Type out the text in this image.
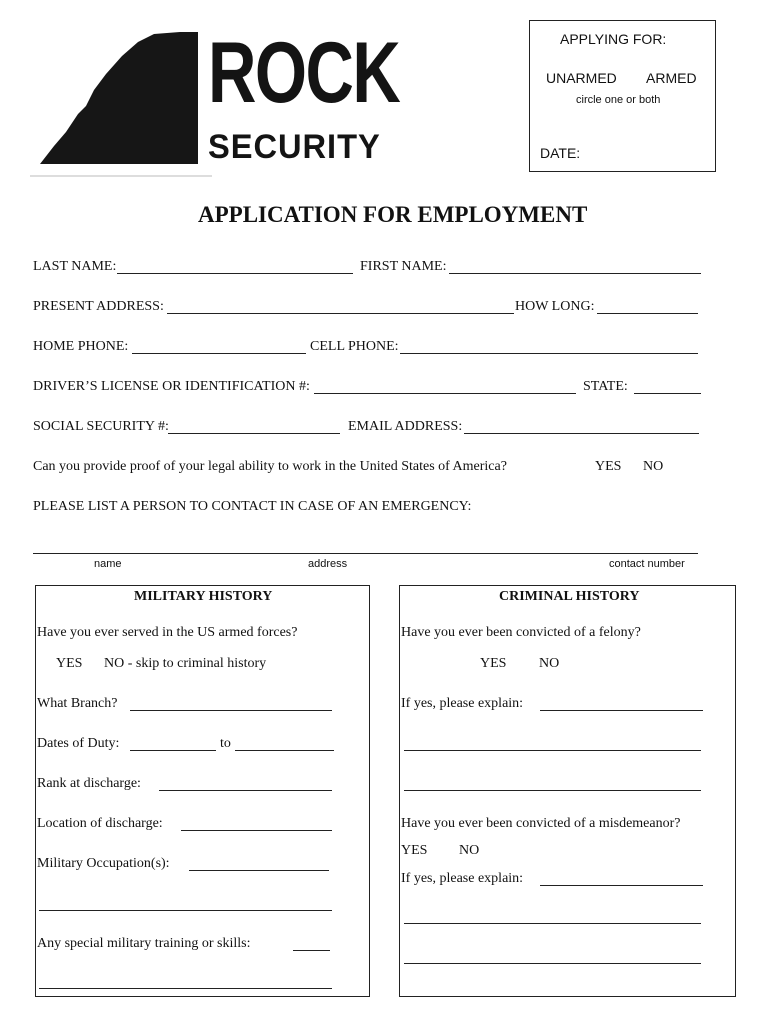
ROCK
SECURITY
APPLYING FOR:
UNARMED ARMED
circle one or both
DATE:
APPLICATION FOR EMPLOYMENT
LAST NAME:	FIRST NAME:
PRESENT ADDRESS:	HOW LONG:
HOME PHONE:	CELL PHONE:
DRIVER’S LICENSE OR IDENTIFICATION #:	STATE:
SOCIAL SECURITY #:	EMAIL ADDRESS:
Can you provide proof of your legal ability to work in the United States of America?	YES NO
PLEASE LIST A PERSON TO CONTACT IN CASE OF AN EMERGENCY:
name	address	contact number
MILITARY HISTORY
Have you ever served in the US armed forces?
YES NO - skip to criminal history
What Branch?
Dates of Duty:	to
Rank at discharge:
Location of discharge:
Military Occupation(s):
Any special military training or skills:
CRIMINAL HISTORY
Have you ever been convicted of a felony?
YES NO
If yes, please explain:
Have you ever been convicted of a misdemeanor?
YES NO
If yes, please explain:
